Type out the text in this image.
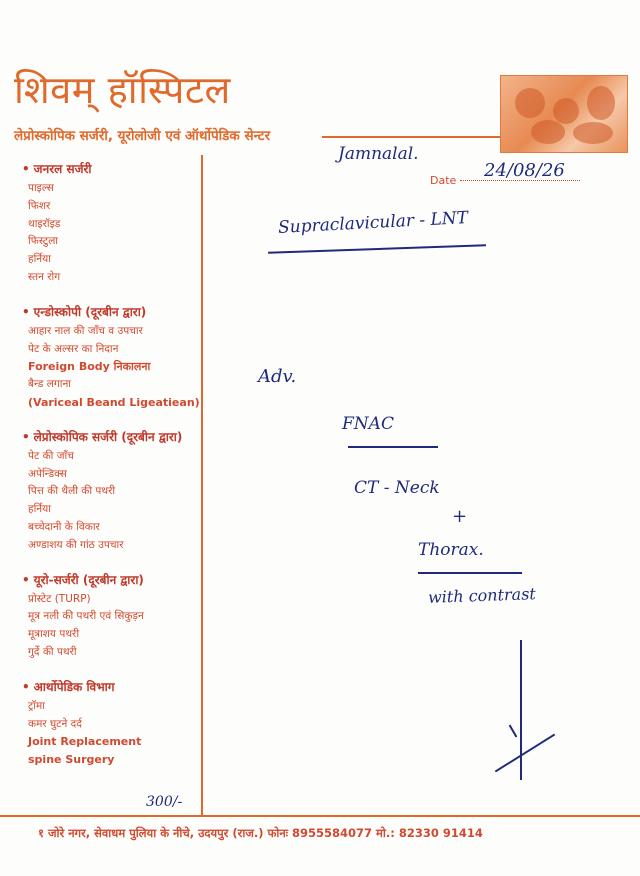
शिवम् हॉस्पिटल
लेप्रोस्कोपिक सर्जरी, यूरोलोजी एवं ऑर्थोपेडिक सेन्टर
• जनरल सर्जरी
पाइल्स
फिशर
थाइरॉइड
फिस्टुला
हर्निया
स्तन रोग
• एन्डोस्कोपी (दूरबीन द्वारा)
आहार नाल की जाँच व उपचार
पेट के अल्सर का निदान
Foreign Body निकालना
बैन्ड लगाना
(Variceal Beand Ligeatiean)
• लेप्रोस्कोपिक सर्जरी (दूरबीन द्वारा)
पेट की जाँच
अपेन्डिक्स
पित्त की थैली की पथरी
हर्निया
बच्चेदानी के विकार
अण्डाशय की गांठ उपचार
• यूरो-सर्जरी (दूरबीन द्वारा)
प्रोस्टेट (TURP)
मूत्र नली की पथरी एवं सिकुड़न
मूत्राशय पथरी
गुर्दे की पथरी
• आर्थोपेडिक विभाग
ट्रॉमा
कमर घुटने दर्द
Joint Replacement
spine Surgery
Jamnalal.
Date 24/08/26
Supraclavicular - LNT
Adv.
FNAC
CT - Neck
+
Thorax.
with contrast
300/-
१ जोरे नगर, सेवाधम पुलिया के नीचे, उदयपुर (राज.) फोनः 8955584077 मो.: 82330 91414
